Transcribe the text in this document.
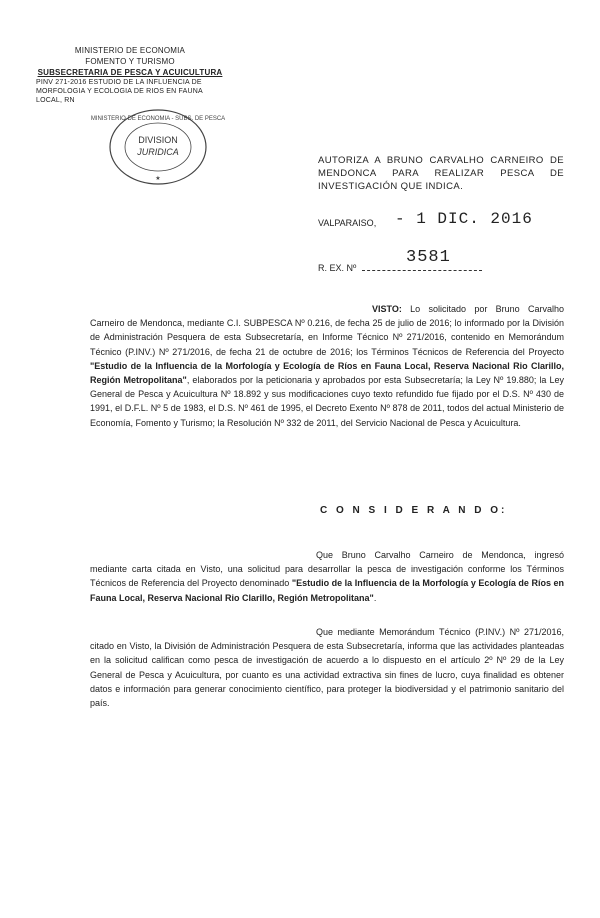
MINISTERIO DE ECONOMIA
FOMENTO Y TURISMO
SUBSECRETARIA DE PESCA Y ACUICULTURA
PINV 271-2016 ESTUDIO DE LA INFLUENCIA DE
MORFOLOGIA Y ECOLOGIA DE RIOS EN FAUNA LOCAL, RN
MINISTERIO DE ECONOMIA - SUBS. DE PESCA
DIVISION
JURIDICA
★
AUTORIZA A BRUNO CARVALHO CARNEIRO DE MENDONCA PARA REALIZAR PESCA DE INVESTIGACIÓN QUE INDICA.
VALPARAISO, - 1 DIC. 2016
3581
R. EX. Nº
VISTO: Lo solicitado por Bruno Carvalho Carneiro de Mendonca, mediante C.I. SUBPESCA Nº 0.216, de fecha 25 de julio de 2016; lo informado por la División de Administración Pesquera de esta Subsecretaría, en Informe Técnico Nº 271/2016, contenido en Memorándum Técnico (P.INV.) Nº 271/2016, de fecha 21 de octubre de 2016; los Términos Técnicos de Referencia del Proyecto "Estudio de la Influencia de la Morfología y Ecología de Ríos en Fauna Local, Reserva Nacional Rio Clarillo, Región Metropolitana", elaborados por la peticionaria y aprobados por esta Subsecretaría; la Ley Nº 19.880; la Ley General de Pesca y Acuicultura Nº 18.892 y sus modificaciones cuyo texto refundido fue fijado por el D.S. Nº 430 de 1991, el D.F.L. Nº 5 de 1983, el D.S. Nº 461 de 1995, el Decreto Exento Nº 878 de 2011, todos del actual Ministerio de Economía, Fomento y Turismo; la Resolución Nº 332 de 2011, del Servicio Nacional de Pesca y Acuicultura.
C O N S I D E R A N D O:
Que Bruno Carvalho Carneiro de Mendonca, ingresó mediante carta citada en Visto, una solicitud para desarrollar la pesca de investigación conforme los Términos Técnicos de Referencia del Proyecto denominado "Estudio de la Influencia de la Morfología y Ecología de Ríos en Fauna Local, Reserva Nacional Rio Clarillo, Región Metropolitana".
Que mediante Memorándum Técnico (P.INV.) Nº 271/2016, citado en Visto, la División de Administración Pesquera de esta Subsecretaría, informa que las actividades planteadas en la solicitud califican como pesca de investigación de acuerdo a lo dispuesto en el artículo 2º Nº 29 de la Ley General de Pesca y Acuicultura, por cuanto es una actividad extractiva sin fines de lucro, cuya finalidad es obtener datos e información para generar conocimiento científico, para proteger la biodiversidad y el patrimonio sanitario del país.
